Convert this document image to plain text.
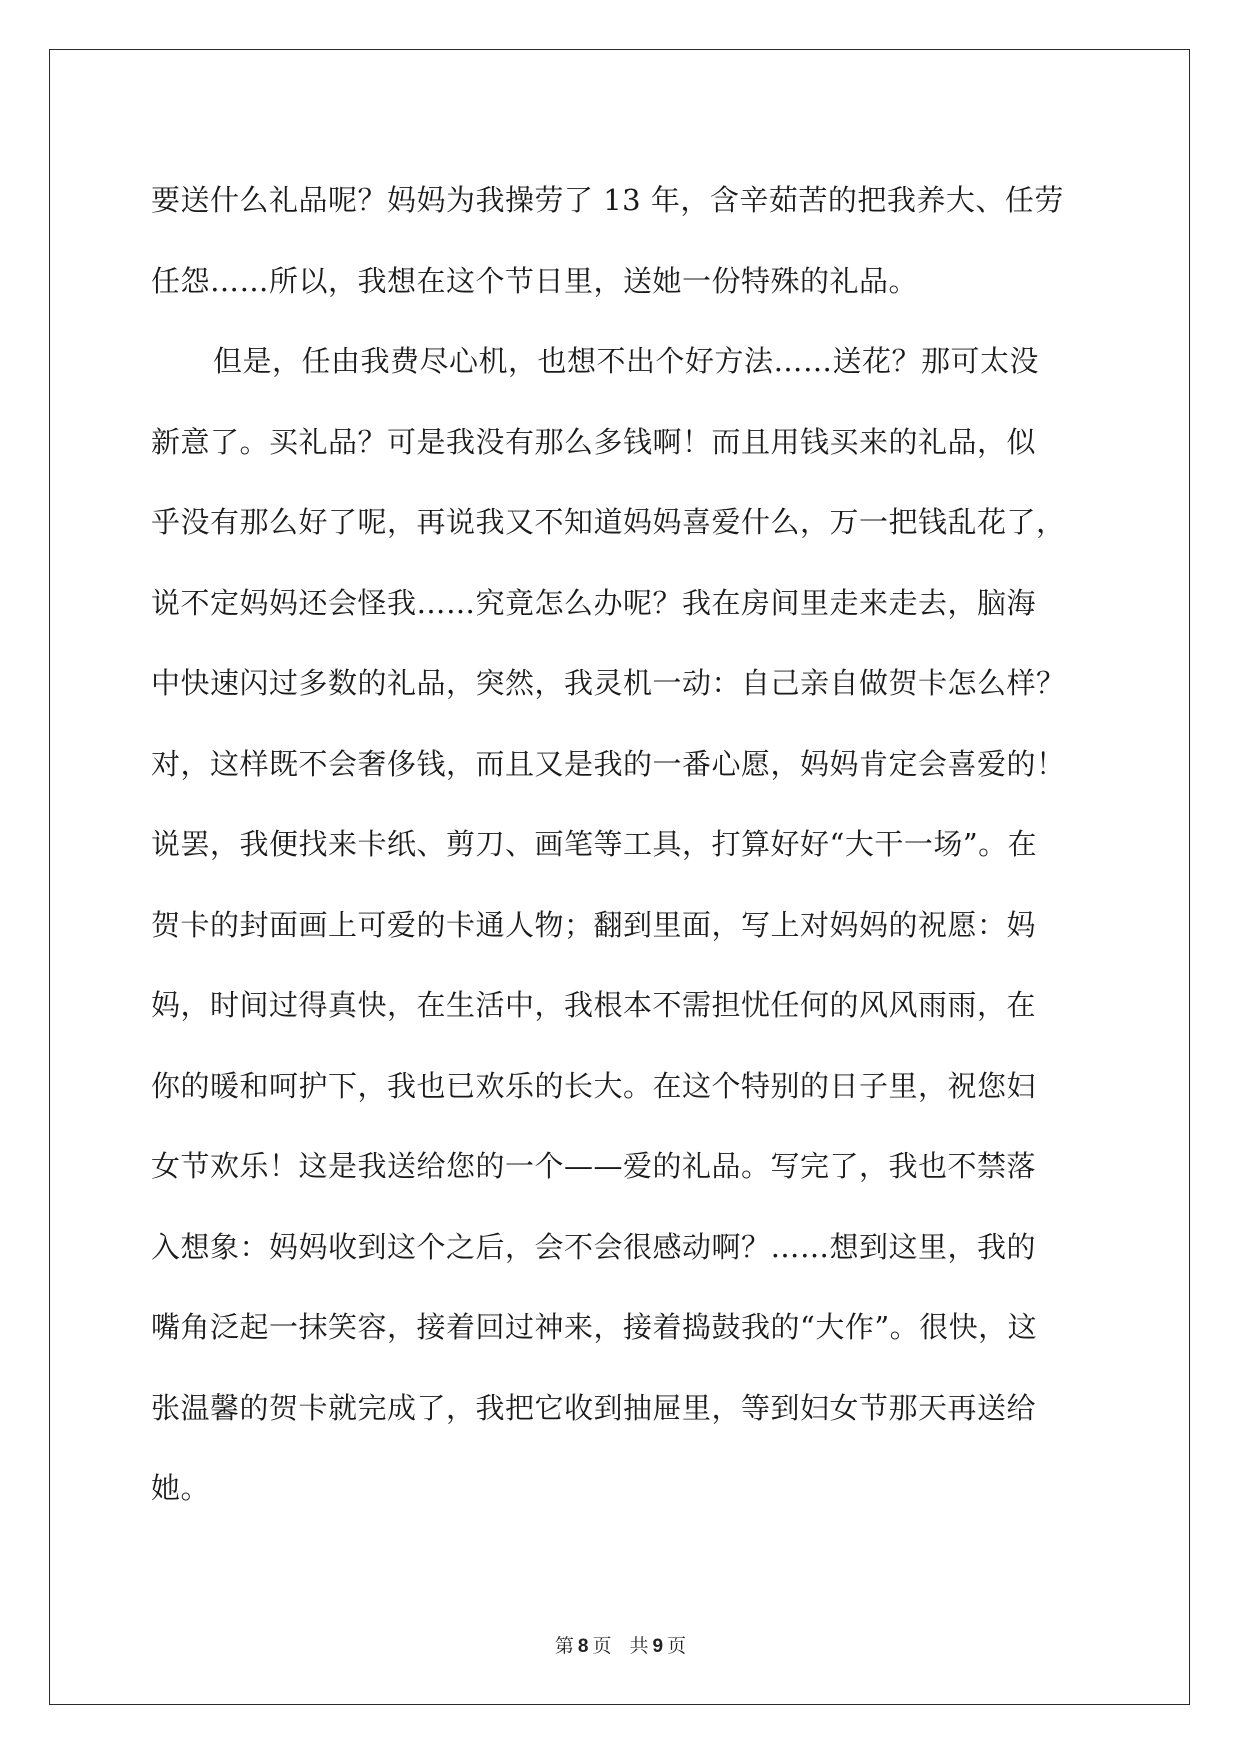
要送什么礼品呢？妈妈为我操劳了 13 年，含辛茹苦的把我养大、任劳
任怨……所以，我想在这个节日里，送她一份特殊的礼品。
但是，任由我费尽心机，也想不出个好方法……送花？那可太没
新意了。买礼品？可是我没有那么多钱啊！而且用钱买来的礼品，似
乎没有那么好了呢，再说我又不知道妈妈喜爱什么，万一把钱乱花了，
说不定妈妈还会怪我……究竟怎么办呢？我在房间里走来走去，脑海
中快速闪过多数的礼品，突然，我灵机一动：自己亲自做贺卡怎么样？
对，这样既不会奢侈钱，而且又是我的一番心愿，妈妈肯定会喜爱的！
说罢，我便找来卡纸、剪刀、画笔等工具，打算好好“大干一场”。在
贺卡的封面画上可爱的卡通人物；翻到里面，写上对妈妈的祝愿：妈
妈，时间过得真快，在生活中，我根本不需担忧任何的风风雨雨，在
你的暖和呵护下，我也已欢乐的长大。在这个特别的日子里，祝您妇
女节欢乐！这是我送给您的一个——爱的礼品。写完了，我也不禁落
入想象：妈妈收到这个之后，会不会很感动啊？……想到这里，我的
嘴角泛起一抹笑容，接着回过神来，接着捣鼓我的“大作”。很快，这
张温馨的贺卡就完成了，我把它收到抽屉里，等到妇女节那天再送给
她。
第 8 页 共 9 页
